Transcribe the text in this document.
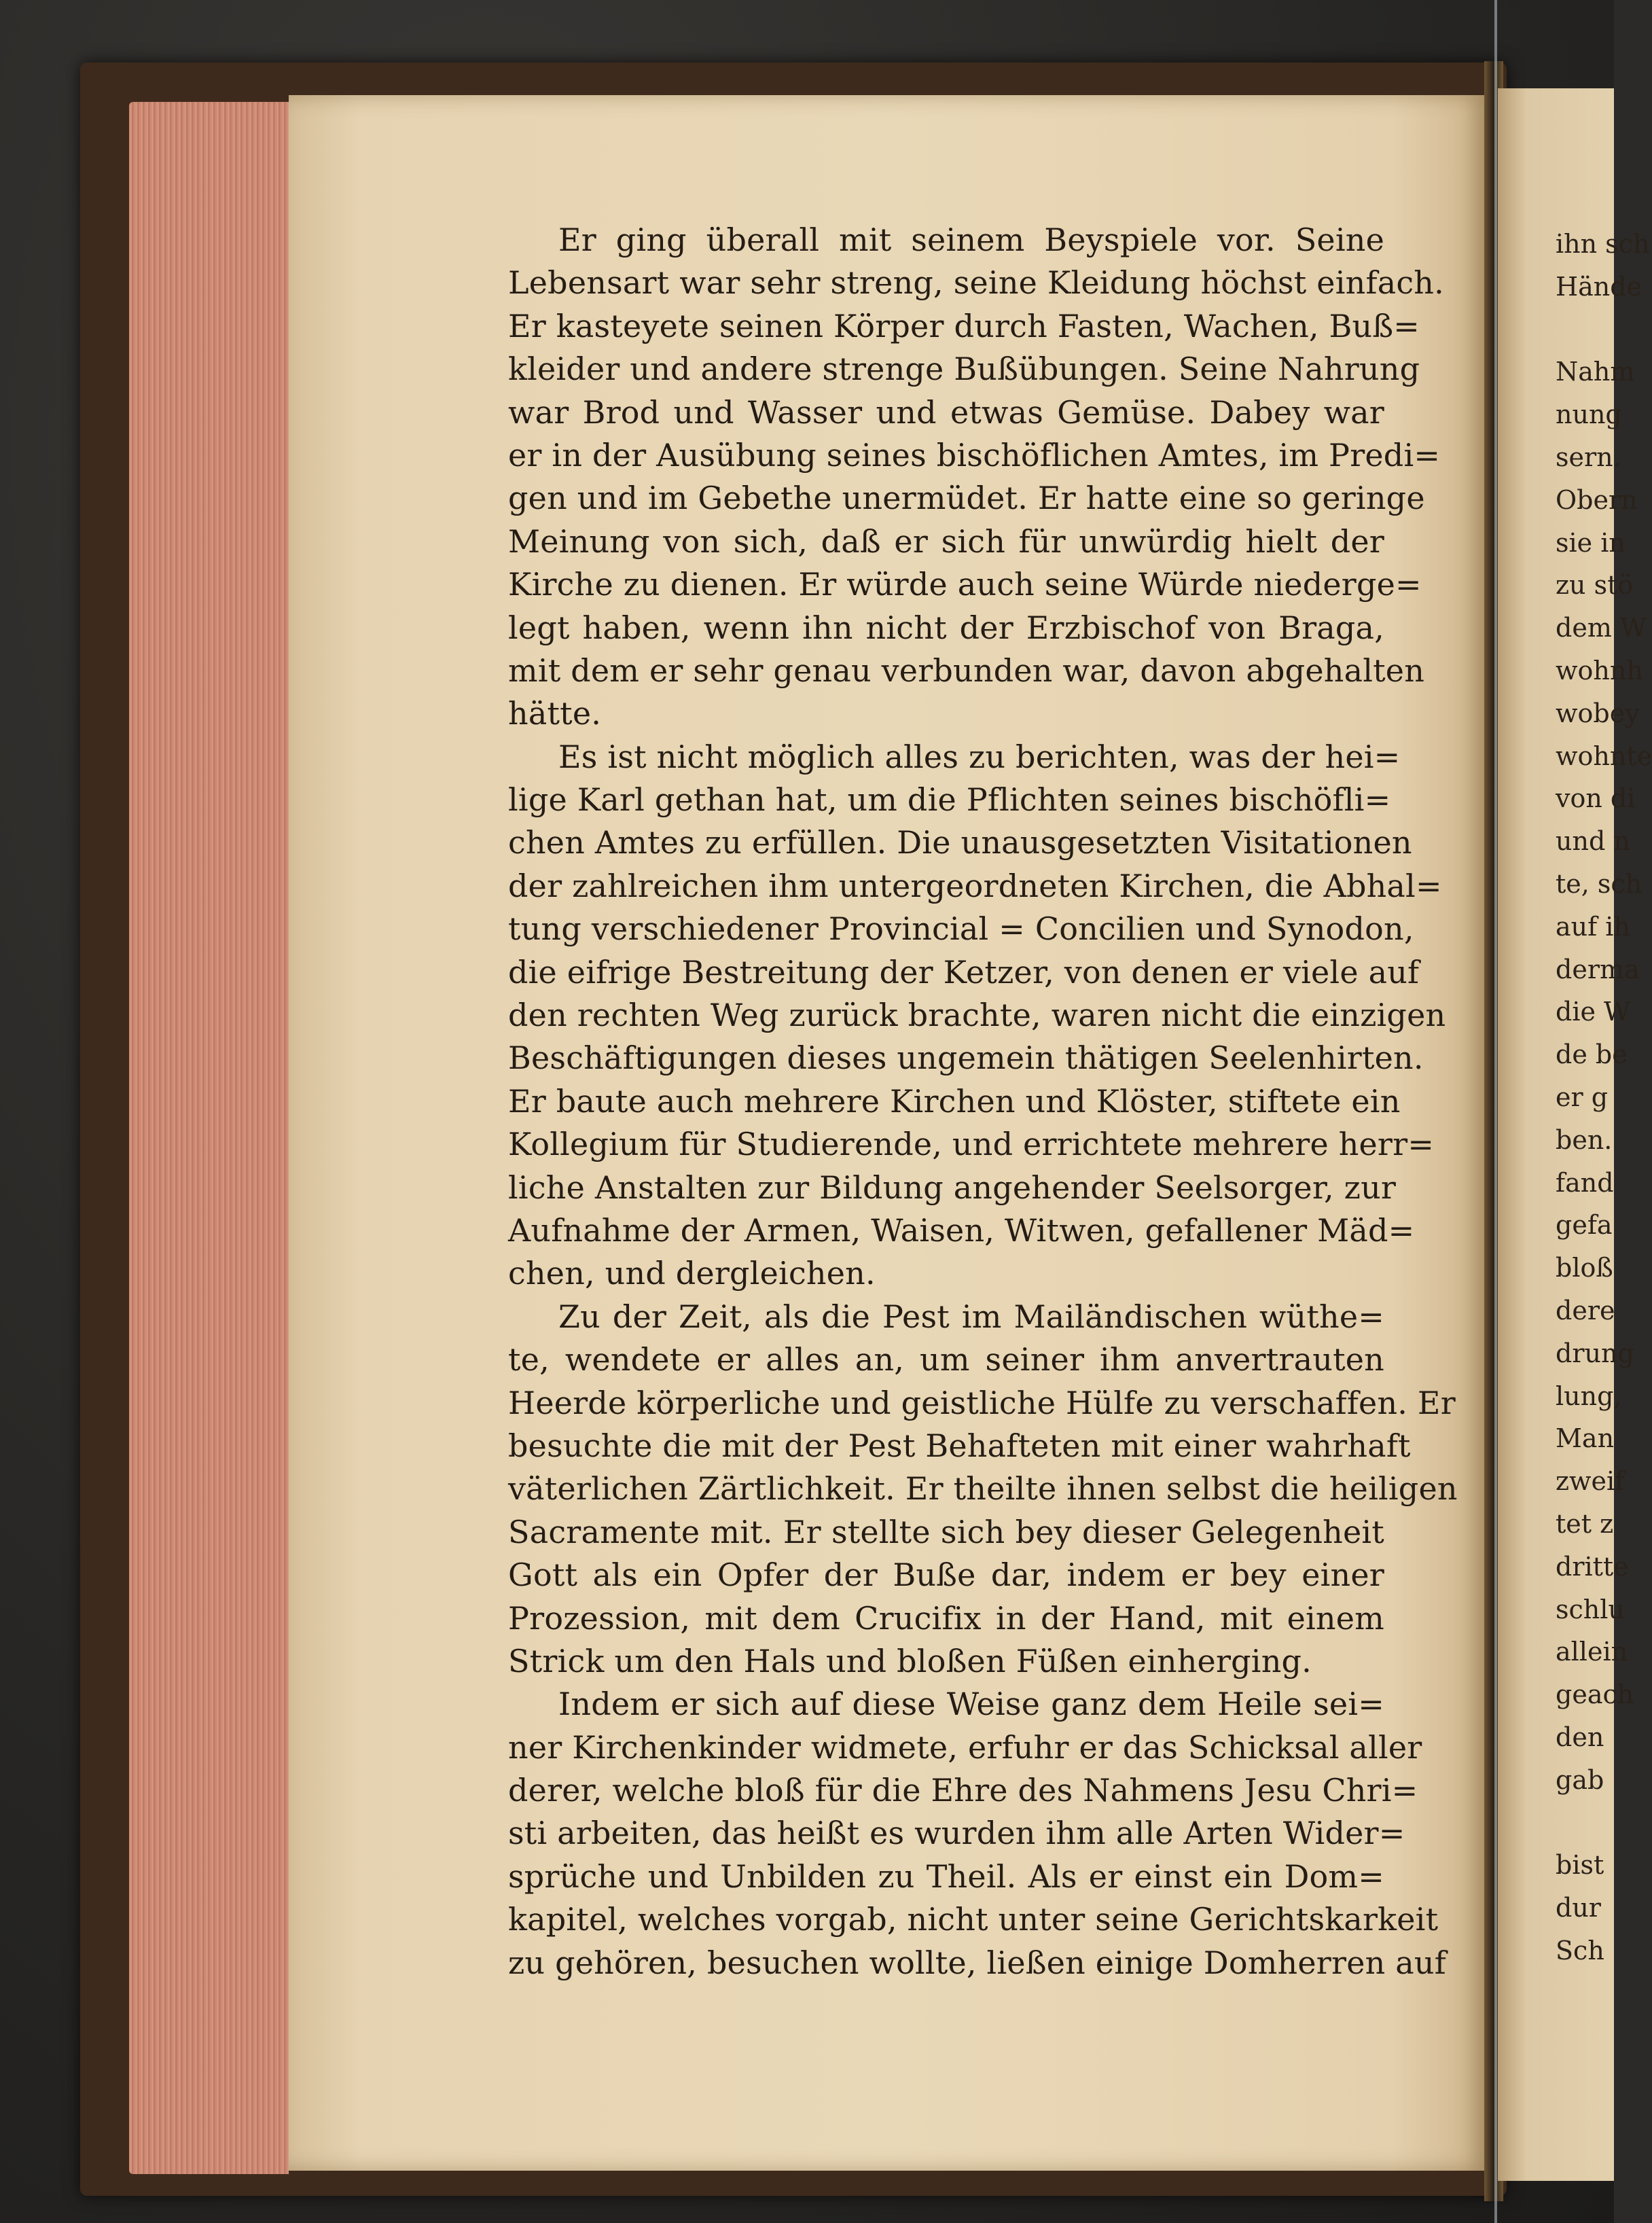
Er ging überall mit seinem Beyspiele vor. Seine
Lebensart war sehr streng, seine Kleidung höchst einfach.
Er kasteyete seinen Körper durch Fasten, Wachen, Buß=
kleider und andere strenge Bußübungen. Seine Nahrung
war Brod und Wasser und etwas Gemüse. Dabey war
er in der Ausübung seines bischöflichen Amtes, im Predi=
gen und im Gebethe unermüdet. Er hatte eine so geringe
Meinung von sich, daß er sich für unwürdig hielt der
Kirche zu dienen. Er würde auch seine Würde niederge=
legt haben, wenn ihn nicht der Erzbischof von Braga,
mit dem er sehr genau verbunden war, davon abgehalten
hätte.
Es ist nicht möglich alles zu berichten, was der hei=
lige Karl gethan hat, um die Pflichten seines bischöfli=
chen Amtes zu erfüllen. Die unausgesetzten Visitationen
der zahlreichen ihm untergeordneten Kirchen, die Abhal=
tung verschiedener Provincial = Concilien und Synodon,
die eifrige Bestreitung der Ketzer, von denen er viele auf
den rechten Weg zurück brachte, waren nicht die einzigen
Beschäftigungen dieses ungemein thätigen Seelenhirten.
Er baute auch mehrere Kirchen und Klöster, stiftete ein
Kollegium für Studierende, und errichtete mehrere herr=
liche Anstalten zur Bildung angehender Seelsorger, zur
Aufnahme der Armen, Waisen, Witwen, gefallener Mäd=
chen, und dergleichen.
Zu der Zeit, als die Pest im Mailändischen wüthe=
te, wendete er alles an, um seiner ihm anvertrauten
Heerde körperliche und geistliche Hülfe zu verschaffen. Er
besuchte die mit der Pest Behafteten mit einer wahrhaft
väterlichen Zärtlichkeit. Er theilte ihnen selbst die heiligen
Sacramente mit. Er stellte sich bey dieser Gelegenheit
Gott als ein Opfer der Buße dar, indem er bey einer
Prozession, mit dem Crucifix in der Hand, mit einem
Strick um den Hals und bloßen Füßen einherging.
Indem er sich auf diese Weise ganz dem Heile sei=
ner Kirchenkinder widmete, erfuhr er das Schicksal aller
derer, welche bloß für die Ehre des Nahmens Jesu Chri=
sti arbeiten, das heißt es wurden ihm alle Arten Wider=
sprüche und Unbilden zu Theil. Als er einst ein Dom=
kapitel, welches vorgab, nicht unter seine Gerichtskarkeit
zu gehören, besuchen wollte, ließen einige Domherren auf
ihn sch
Hände
Nahm
nung
sern.
Obern
sie in
zu stö
dem W
wohnh
wobey
wohnte
von di
und n
te, sch
auf ih
derma
die W
de be
er g
ben.
fand
gefa
bloß
dere
drung
lung,
Man
zweif
tet z
dritte
schlu
allein
geach
den
gab
bist
dur
Sch
